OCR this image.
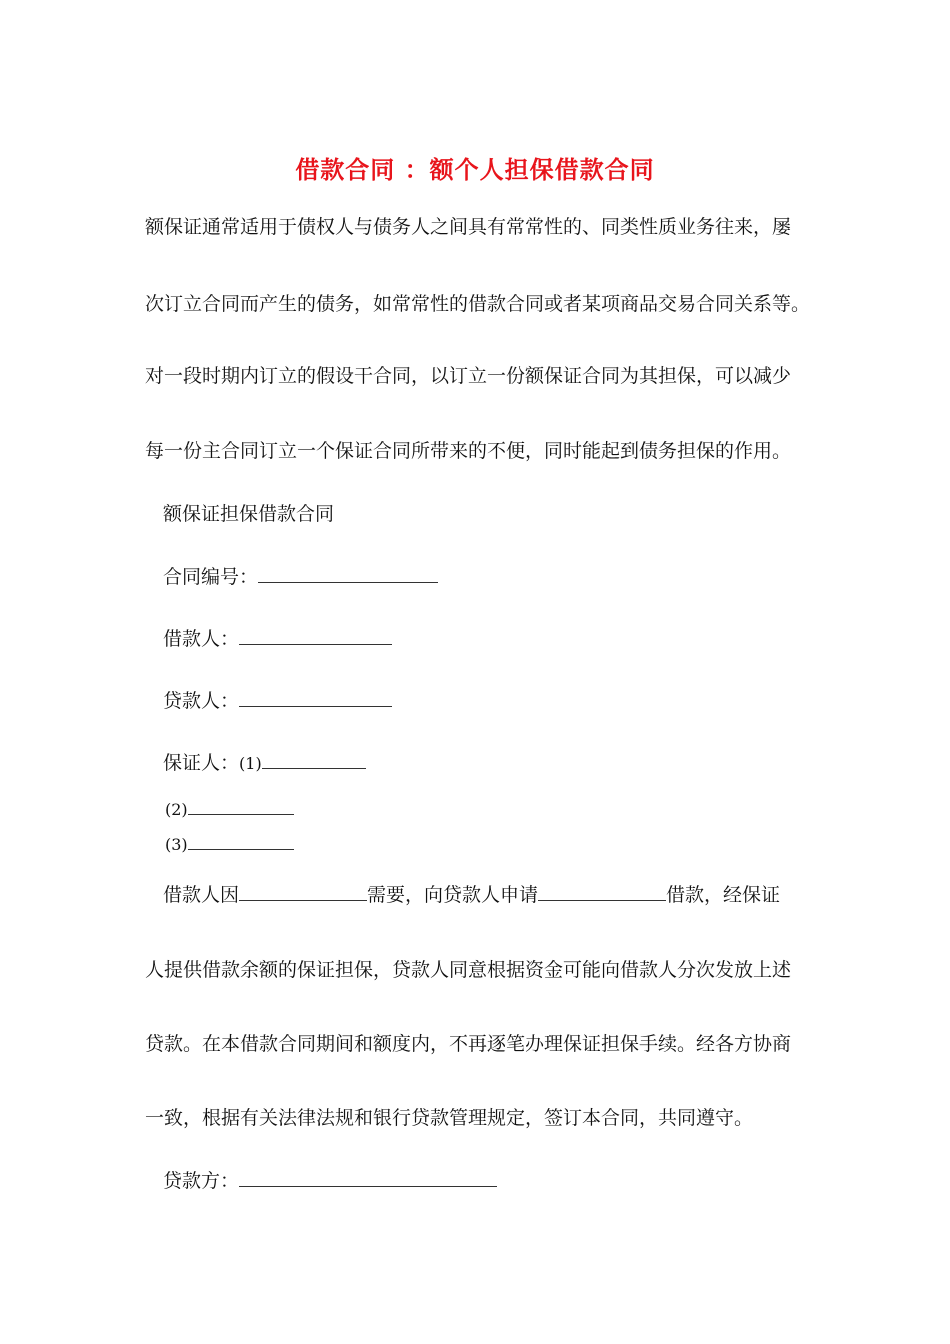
借款合同 ：额个人担保借款合同
额保证通常适用于债权人与债务人之间具有常常性的、同类性质业务往来，屡
次订立合同而产生的债务，如常常性的借款合同或者某项商品交易合同关系等。
对一段时期内订立的假设干合同，以订立一份额保证合同为其担保，可以减少
每一份主合同订立一个保证合同所带来的不便，同时能起到债务担保的作用。
额保证担保借款合同
合同编号：
借款人：
贷款人：
保证人：(1)
(2)
(3)
借款人因	需要，向贷款人申请	借款，经保证
人提供借款余额的保证担保，贷款人同意根据资金可能向借款人分次发放上述
贷款。在本借款合同期间和额度内，不再逐笔办理保证担保手续。经各方协商
一致，根据有关法律法规和银行贷款管理规定，签订本合同，共同遵守。
贷款方：
